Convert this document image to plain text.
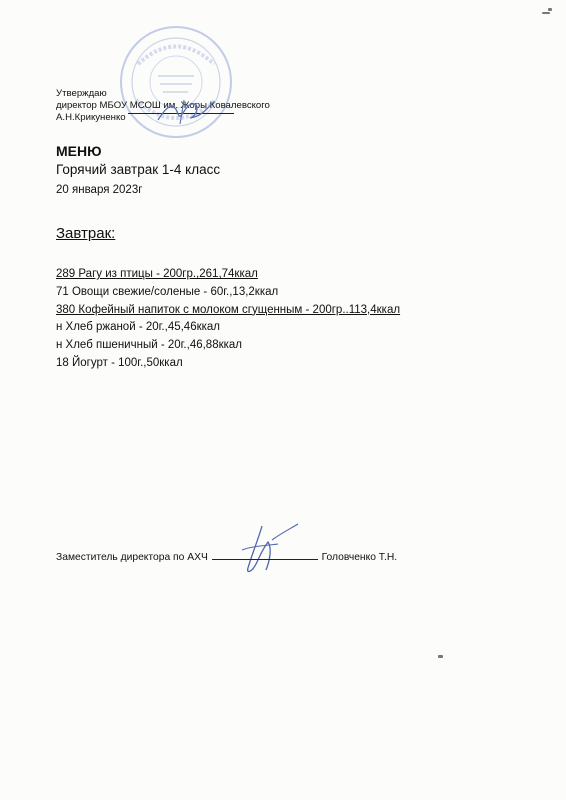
Утверждаю
директор МБОУ МСОШ им. Жоры Ковалевского
А.Н.Крикуненко
МЕНЮ
Горячий завтрак 1-4 класс
20 января 2023г
Завтрак:
289 Рагу из птицы - 200гр.,261,74ккал
71 Овощи свежие/соленые - 60г.,13,2ккал
380 Кофейный напиток с молоком сгущенным - 200гр..113,4ккал
н Хлеб ржаной - 20г.,45,46ккал
н Хлеб пшеничный - 20г.,46,88ккал
18 Йогурт - 100г.,50ккал
Заместитель директора по АХЧ	Головченко Т.Н.
